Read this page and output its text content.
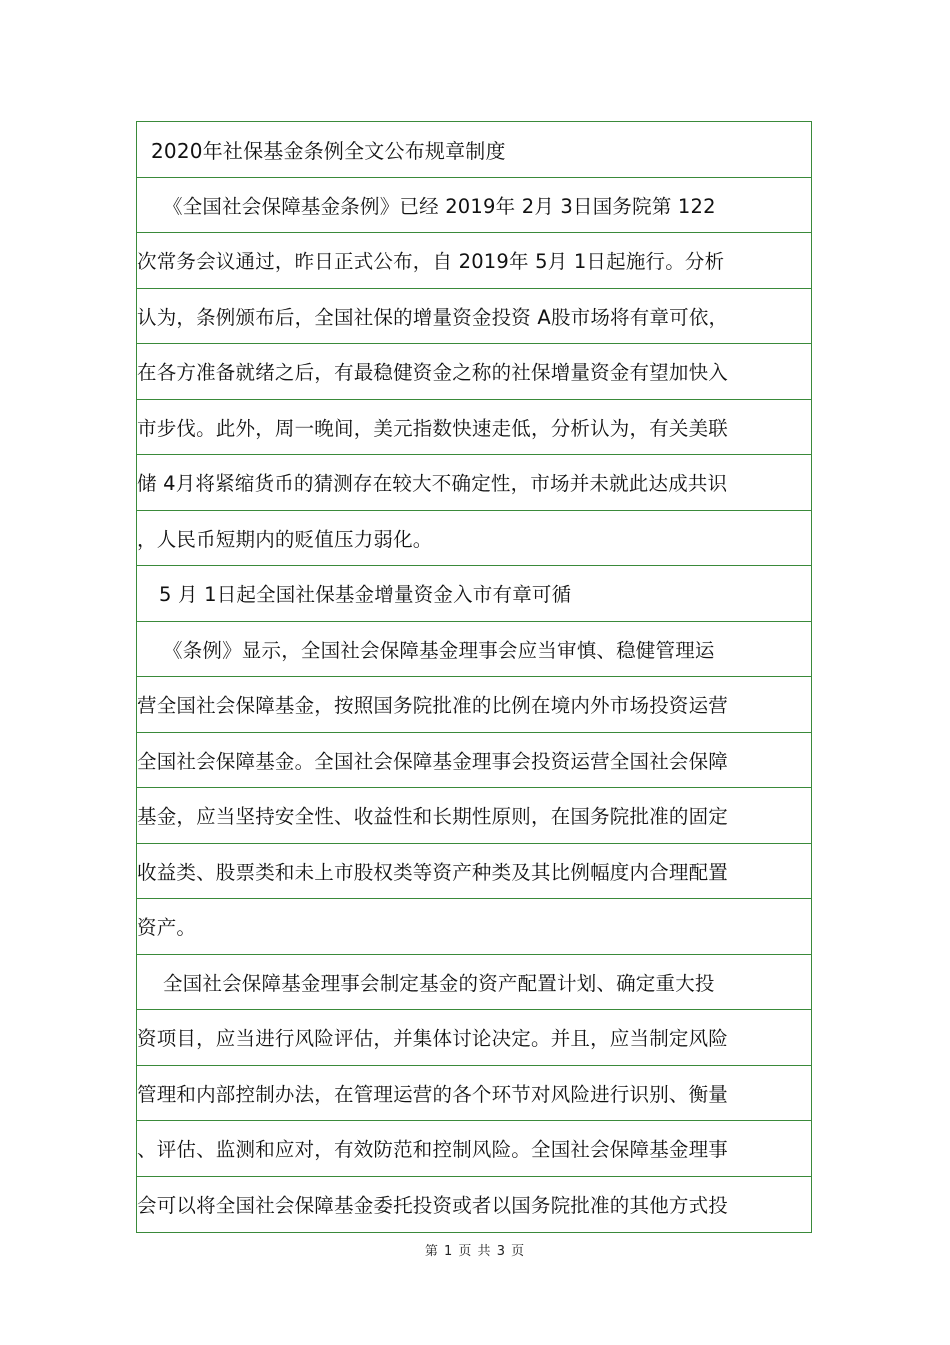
2020年社保基金条例全文公布规章制度
《全国社会保障基金条例》已经 2019年 2月 3日国务院第 122
次常务会议通过，昨日正式公布，自 2019年 5月 1日起施行。分析
认为，条例颁布后，全国社保的增量资金投资 A股市场将有章可依，
在各方准备就绪之后，有最稳健资金之称的社保增量资金有望加快入
市步伐。此外，周一晚间，美元指数快速走低，分析认为，有关美联
储 4月将紧缩货币的猜测存在较大不确定性，市场并未就此达成共识
，人民币短期内的贬值压力弱化。
5 月 1日起全国社保基金增量资金入市有章可循
《条例》显示，全国社会保障基金理事会应当审慎、稳健管理运
营全国社会保障基金，按照国务院批准的比例在境内外市场投资运营
全国社会保障基金。全国社会保障基金理事会投资运营全国社会保障
基金，应当坚持安全性、收益性和长期性原则，在国务院批准的固定
收益类、股票类和未上市股权类等资产种类及其比例幅度内合理配置
资产。
全国社会保障基金理事会制定基金的资产配置计划、确定重大投
资项目，应当进行风险评估，并集体讨论决定。并且，应当制定风险
管理和内部控制办法，在管理运营的各个环节对风险进行识别、衡量
、评估、监测和应对，有效防范和控制风险。全国社会保障基金理事
会可以将全国社会保障基金委托投资或者以国务院批准的其他方式投
第 1 页 共 3 页
